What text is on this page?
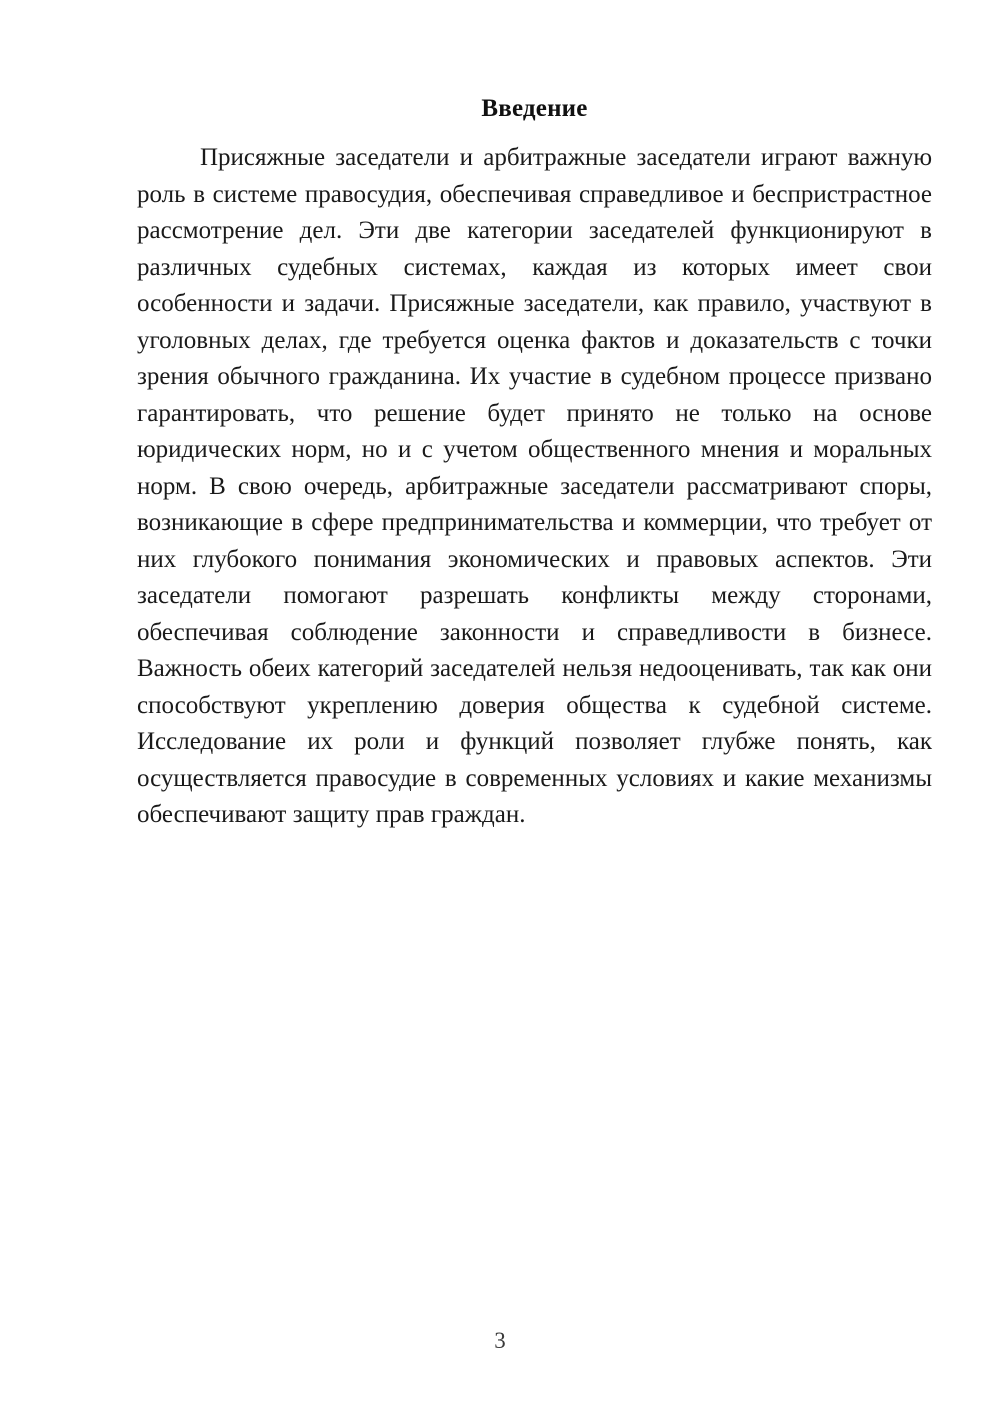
Введение

Присяжные заседатели и арбитражные заседатели играют важную роль в системе правосудия, обеспечивая справедливое и беспристрастное рассмотрение дел. Эти две категории заседателей функционируют в различных судебных системах, каждая из которых имеет свои особенности и задачи. Присяжные заседатели, как правило, участвуют в уголовных делах, где требуется оценка фактов и доказательств с точки зрения обычного гражданина. Их участие в судебном процессе призвано гарантировать, что решение будет принято не только на основе юридических норм, но и с учетом общественного мнения и моральных норм. В свою очередь, арбитражные заседатели рассматривают споры, возникающие в сфере предпринимательства и коммерции, что требует от них глубокого понимания экономических и правовых аспектов. Эти заседатели помогают разрешать конфликты между сторонами, обеспечивая соблюдение законности и справедливости в бизнесе. Важность обеих категорий заседателей нельзя недооценивать, так как они способствуют укреплению доверия общества к судебной системе. Исследование их роли и функций позволяет глубже понять, как осуществляется правосудие в современных условиях и какие механизмы обеспечивают защиту прав граждан.

3
